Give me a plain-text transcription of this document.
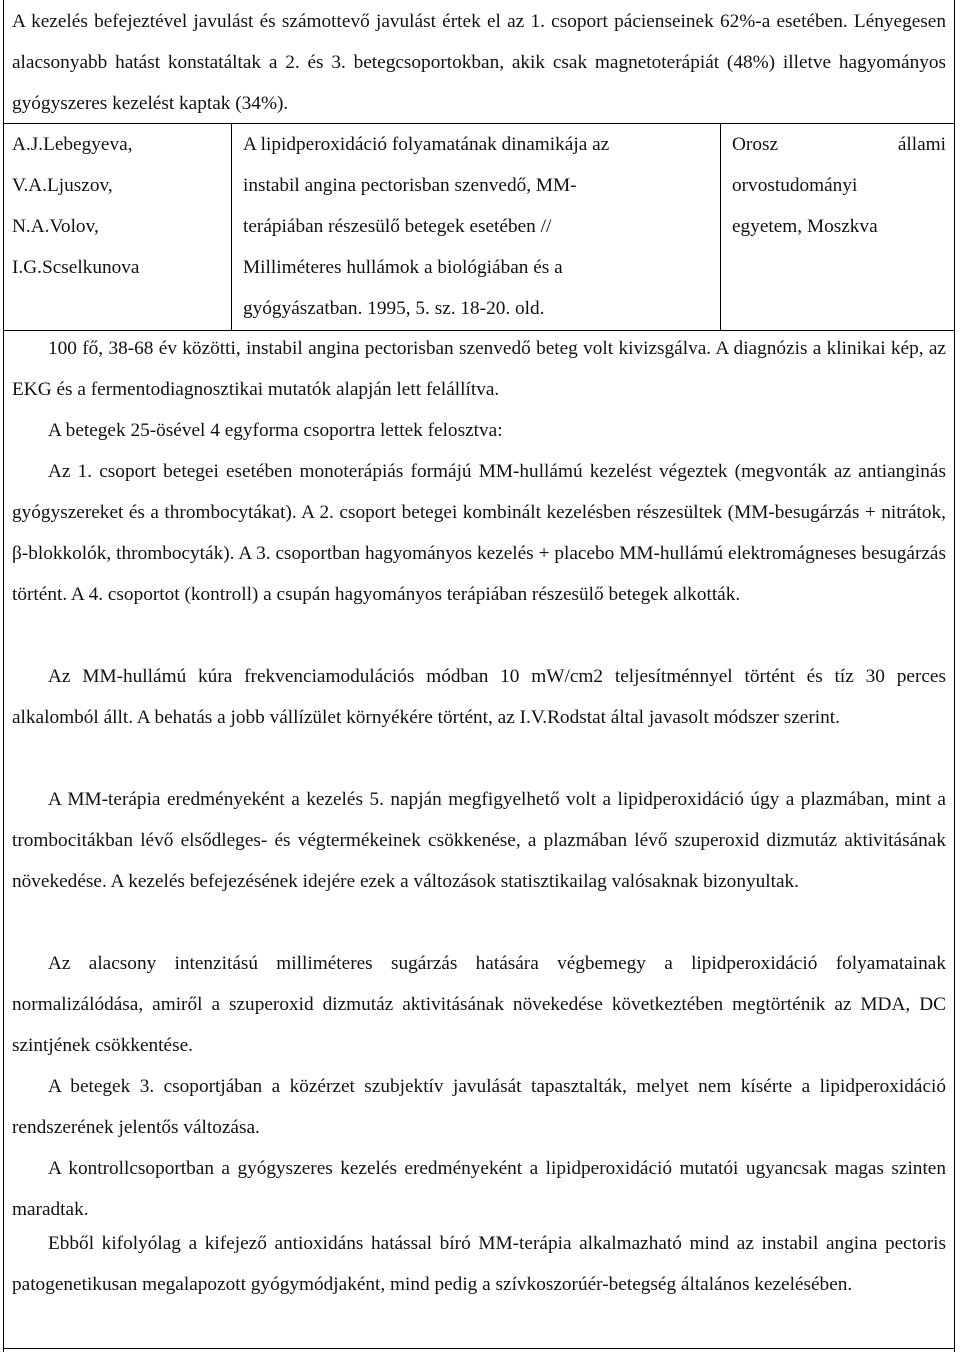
A kezelés befejeztével javulást és számottevő javulást értek el az 1. csoport pácienseinek 62%-a esetében. Lényegesen alacsonyabb hatást konstatáltak a 2. és 3. betegcsoportokban, akik csak magnetoterápiát (48%) illetve hagyományos gyógyszeres kezelést kaptak (34%).

A.J.Lebegyeva,
V.A.Ljuszov,
N.A.Volov,
I.G.Scselkunova
A lipidperoxidáció folyamatának dinamikája az
instabil angina pectorisban szenvedő, MM-
terápiában részesülő betegek esetében //
Milliméteres hullámok a biológiában és a
gyógyászatban. 1995, 5. sz. 18-20. old.
Orosz	állami
orvostudományi
egyetem, Moszkva

100 fő, 38-68 év közötti, instabil angina pectorisban szenvedő beteg volt kivizsgálva. A diagnózis a klinikai kép, az EKG és a fermentodiagnosztikai mutatók alapján lett felállítva.

A betegek 25-ösével 4 egyforma csoportra lettek felosztva:

Az 1. csoport betegei esetében monoterápiás formájú MM-hullámú kezelést végeztek (megvonták az antianginás gyógyszereket és a thrombocytákat). A 2. csoport betegei kombinált kezelésben részesültek (MM-besugárzás + nitrátok, β-blokkolók, thrombocyták). A 3. csoportban hagyományos kezelés + placebo MM-hullámú elektromágneses besugárzás történt. A 4. csoportot (kontroll) a csupán hagyományos terápiában részesülő betegek alkották.

Az MM-hullámú kúra frekvenciamodulációs módban 10 mW/cm2 teljesítménnyel történt és tíz 30 perces alkalomból állt. A behatás a jobb vállízület környékére történt, az I.V.Rodstat által javasolt módszer szerint.

A MM-terápia eredményeként a kezelés 5. napján megfigyelhető volt a lipidperoxidáció úgy a plazmában, mint a trombocitákban lévő elsődleges- és végtermékeinek csökkenése, a plazmában lévő szuperoxid dizmutáz aktivitásának növekedése. A kezelés befejezésének idejére ezek a változások statisztikailag valósaknak bizonyultak.

Az alacsony intenzitású milliméteres sugárzás hatására végbemegy a lipidperoxidáció folyamatainak normalizálódása, amiről a szuperoxid dizmutáz aktivitásának növekedése következtében megtörténik az MDA, DC szintjének csökkentése.

A betegek 3. csoportjában a közérzet szubjektív javulását tapasztalták, melyet nem kísérte a lipidperoxidáció rendszerének jelentős változása.

A kontrollcsoportban a gyógyszeres kezelés eredményeként a lipidperoxidáció mutatói ugyancsak magas szinten maradtak.

Ebből kifolyólag a kifejező antioxidáns hatással bíró MM-terápia alkalmazható mind az instabil angina pectoris patogenetikusan megalapozott gyógymódjaként, mind pedig a szívkoszorúér-betegség általános kezelésében.
